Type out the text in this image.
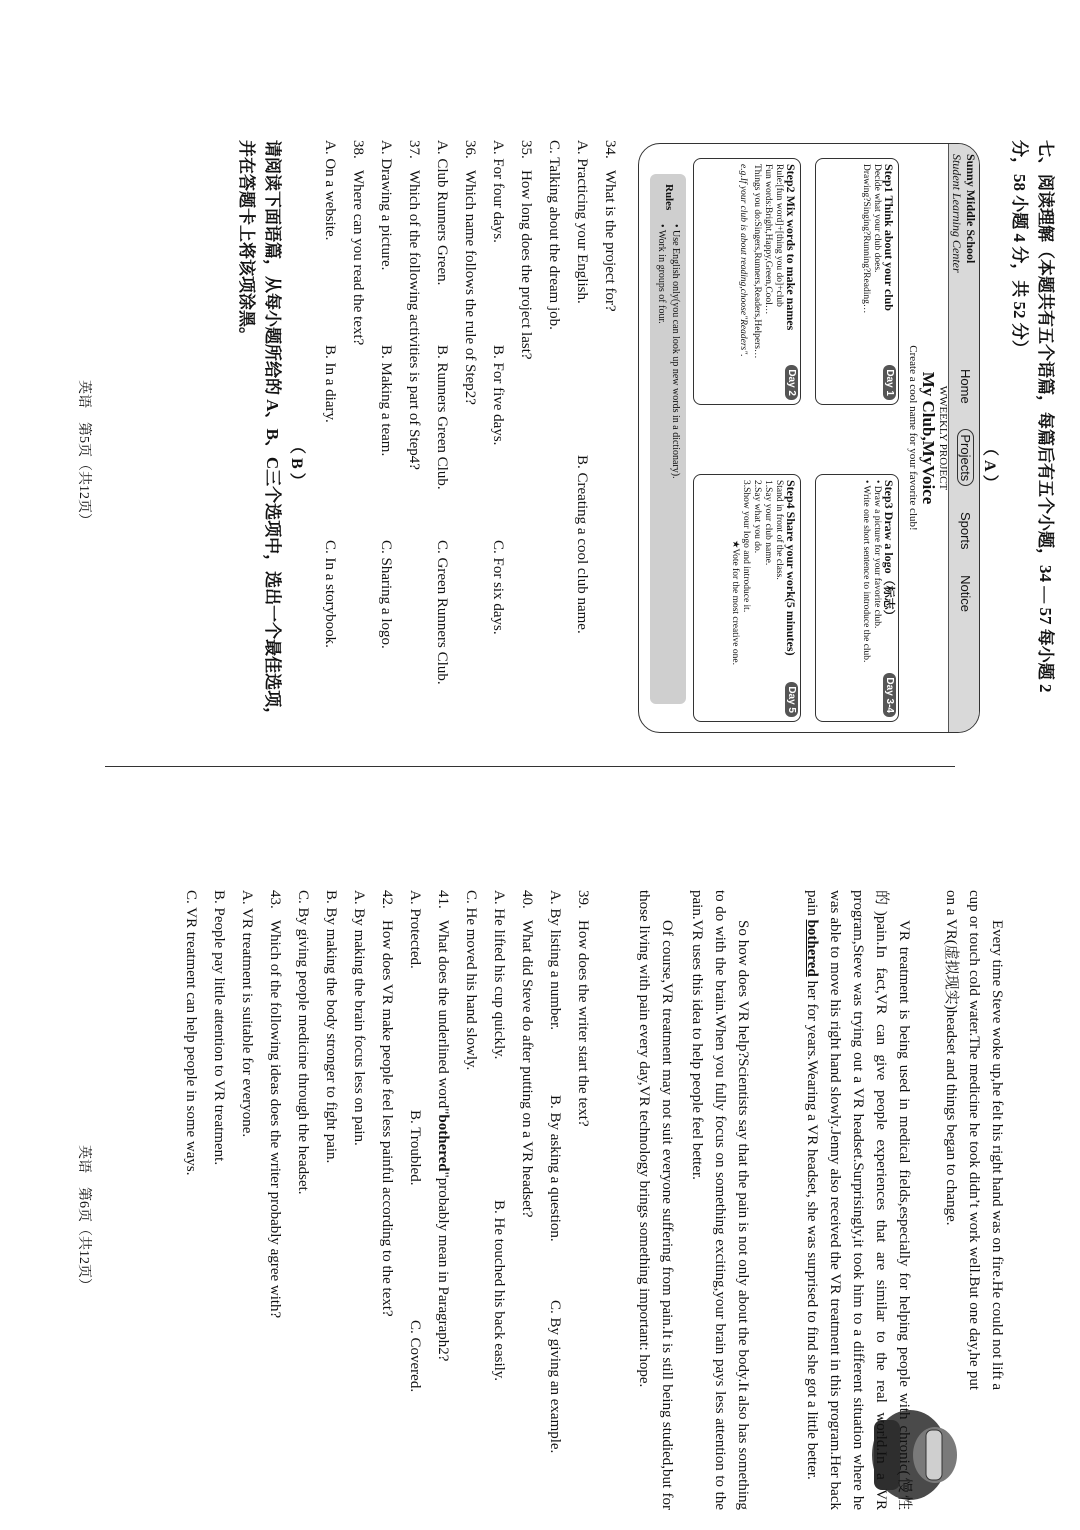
七、阅读理解（本题共有五个语篇，每篇后有五个小题，34 — 57 每小题 2 分，58 小题 4 分，共 52 分）
（ A ）
Sunny Middle School
Student Learning Center
Home Projects Sports Notice
WWEEKLY PROJECT
My Club,MyVoice
Create a cool name for your favorite club!
Step1 Think about your club
Decide what your club does.
Drawing?Singing?Running?Reading…
Day 1
Step2 Mix words to make names
Rule:[fun word]+[thing you do]+club
Fun words:Bright,Happy,Green,Cool…
Things you do:Singers,Runners,Readers,Helpers…
e.g.If your club is about reading,choose"Readers".
Day 2
Step3 Draw a logo（标志）
• Draw a picture for your favorite club.
• Write one short sentence to introduce the club.
Day 3-4
Step4 Share your work(5 minutes)
Stand in front of the class.
1.Say your club name.
2.Say what you do.
3.Show your logo and introduce it.
★Vote for the most creative one.
Day 5
Rules
• Use English only(you can look up new words in a dictionary).
• Work in groups of four.
34.What is the project for?
A. Practicing your English.
B. Creating a cool club name.
C. Talking about the dream job.
35.How long does the project last?
A. For four days.
B. For five days.
C. For six days.
36.Which name follows the rule of Step2?
A. Club Runners Green.
B. Runners Green Club.
C. Green Runners Club.
37.Which of the following activities is part of Step4?
A. Drawing a picture.
B. Making a team.
C. Sharing a logo.
38.Where can you read the text?
A. On a website.
B. In a diary.
C. In a storybook.
（ B ）
请阅读下面语篇，从每小题所给的 A、B、C三个选项中，选出一个最佳选项，并在答题卡上将该项涂黑。
英语　第5页（共12页）
Every time Steve woke up,he felt his right hand was on fire.He could not lift a cup or touch cold water.The medicine he took didn’t work well.But one day,he put on a VR(虚拟现实)headset and things began to change.
VR treatment is being used in medical fields,especially for helping people with chronic(慢性的)pain.In fact,VR can give people experiences that are similar to the real world.In a VR program,Steve was trying out a VR headset.Surprisingly,it took him to a different situation where he was able to move his right hand slowly.Jenny also received the VR treatment in this program.Her back pain bothered her for years.Wearing a VR headset, she was surprised to find she got a little better.
So how does VR help?Scientists say that the pain is not only about the body.It also has something to do with the brain.When you fully focus on something exciting,your brain pays less attention to the pain.VR uses this idea to help people feel better.
Of course,VR treatment may not suit everyone suffering from pain.It is still being studied,but for those living with pain every day,VR technology brings something important: hope.
39.How does the writer start the text?
A. By listing a number.
B. By asking a question.
C. By giving an example.
40.What did Steve do after putting on a VR headset?
A. He lifted his cup quickly.
B. He touched his back easily.
C. He moved his hand slowly.
41.What does the underlined word"bothered"probably mean in Paragraph2?
A. Protected.
B. Troubled.
C. Covered.
42.How does VR make people feel less painful according to the text?
A. By making the brain focus less on pain.
B. By making the body stronger to fight pain.
C. By giving people medicine through the headset.
43.Which of the following ideas does the writer probably agree with?
A. VR treatment is suitable for everyone.
B. People pay little attention to VR treatment.
C. VR treatment can help people in some ways.
英语　第6页（共12页）
